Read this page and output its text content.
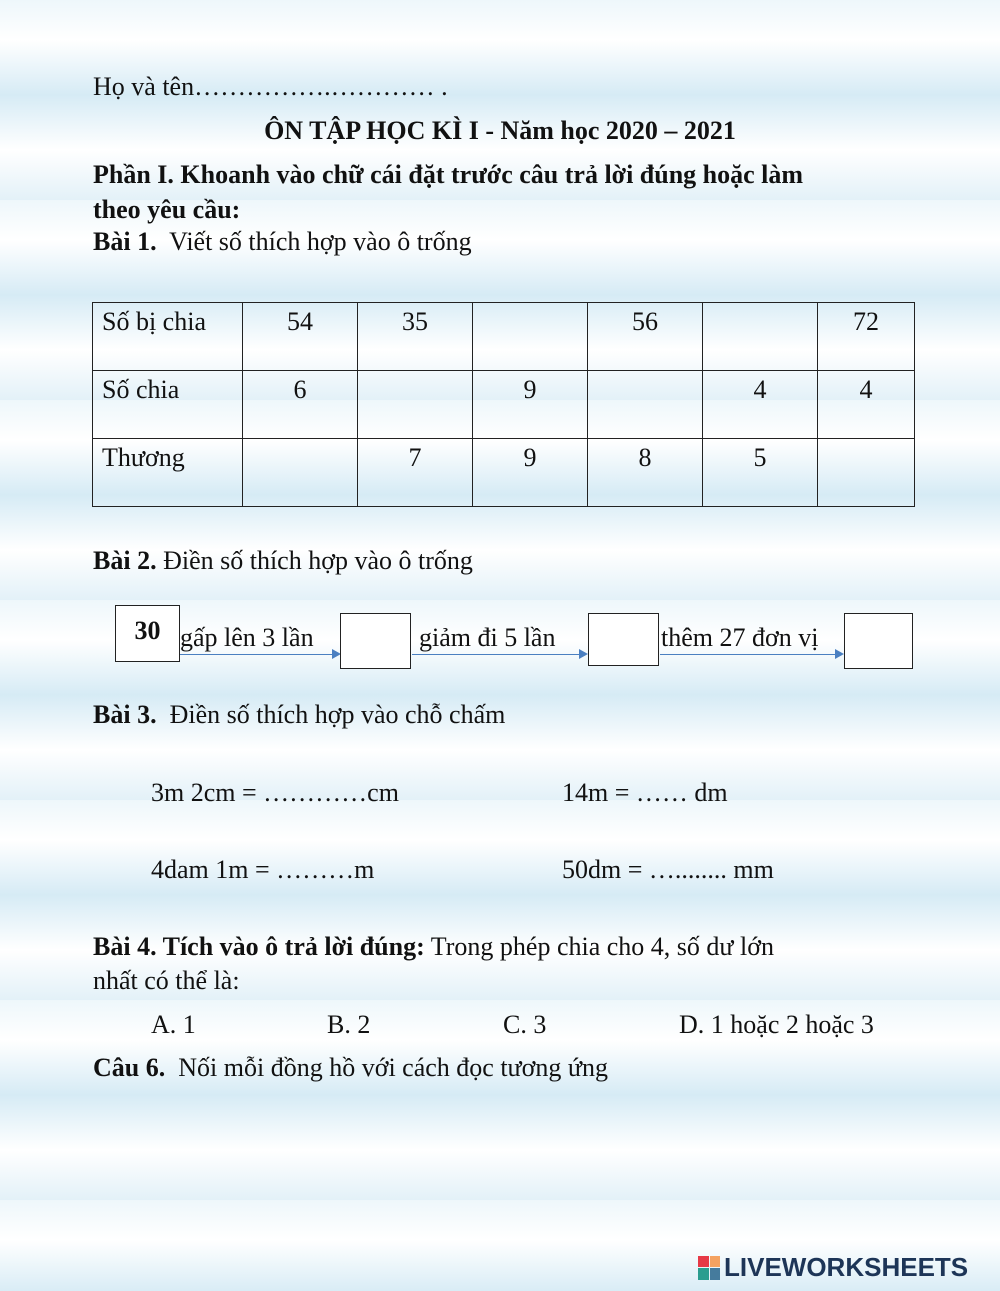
Họ và tên…………….………… .
ÔN TẬP HỌC KÌ I - Năm học 2020 – 2021
Phần I. Khoanh vào chữ cái đặt trước câu trả lời đúng hoặc làm
theo yêu cầu:
Bài 1. Viết số thích hợp vào ô trống
Số bị chia	54	35		56		72

Số chia	6		9		4	4

Thương		7	9	8	5	

Bài 2. Điền số thích hợp vào ô trống
30 gấp lên 3 lần	giảm đi 5 lần	thêm 27 đơn vị
Bài 3. Điền số thích hợp vào chỗ chấm
3m 2cm = …………cm	14m = …… dm
4dam 1m = ………m	50dm = …........ mm
Bài 4. Tích vào ô trả lời đúng: Trong phép chia cho 4, số dư lớn
nhất có thể là:
A. 1	B. 2	C. 3	D. 1 hoặc 2 hoặc 3
Câu 6. Nối mỗi đồng hồ với cách đọc tương ứng
LIVEWORKSHEETS
